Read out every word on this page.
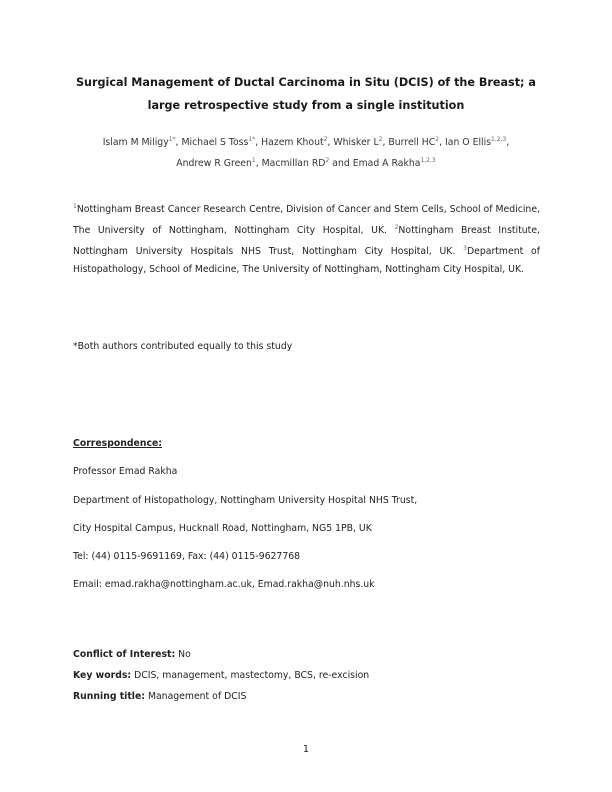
Surgical Management of Ductal Carcinoma in Situ (DCIS) of the Breast; a
large retrospective study from a single institution
Islam M Miligy$^{1*}$, Michael S Toss$^{1*}$, Hazem Khout$^2$, Whisker $L^2$, Burrell $HC^2$, Ian O Ellis$^{1,2,3}$,
Andrew R Green$^1$, Macmillan $RD^2$ and Emad A Rakha$^{1,2,3}$
$^1$Nottingham Breast Cancer Research Centre, Division of Cancer and Stem Cells, School of Medicine, The University of Nottingham, Nottingham City Hospital, UK. $^2$Nottingham Breast Institute, Nottingham University Hospitals NHS Trust, Nottingham City Hospital, UK. $^3$Department of Histopathology, School of Medicine, The University of Nottingham, Nottingham City Hospital, UK.
*Both authors contributed equally to this study
Correspondence:
Professor Emad Rakha
Department of Histopathology, Nottingham University Hospital NHS Trust,
City Hospital Campus, Hucknall Road, Nottingham, NG5 1PB, UK
Tel: (44) 0115-9691169, Fax: (44) 0115-9627768
Email: emad.rakha@nottingham.ac.uk, Emad.rakha@nuh.nhs.uk
Conflict of Interest: No
Key words: DCIS, management, mastectomy, BCS, re-excision
Running title: Management of DCIS
1
